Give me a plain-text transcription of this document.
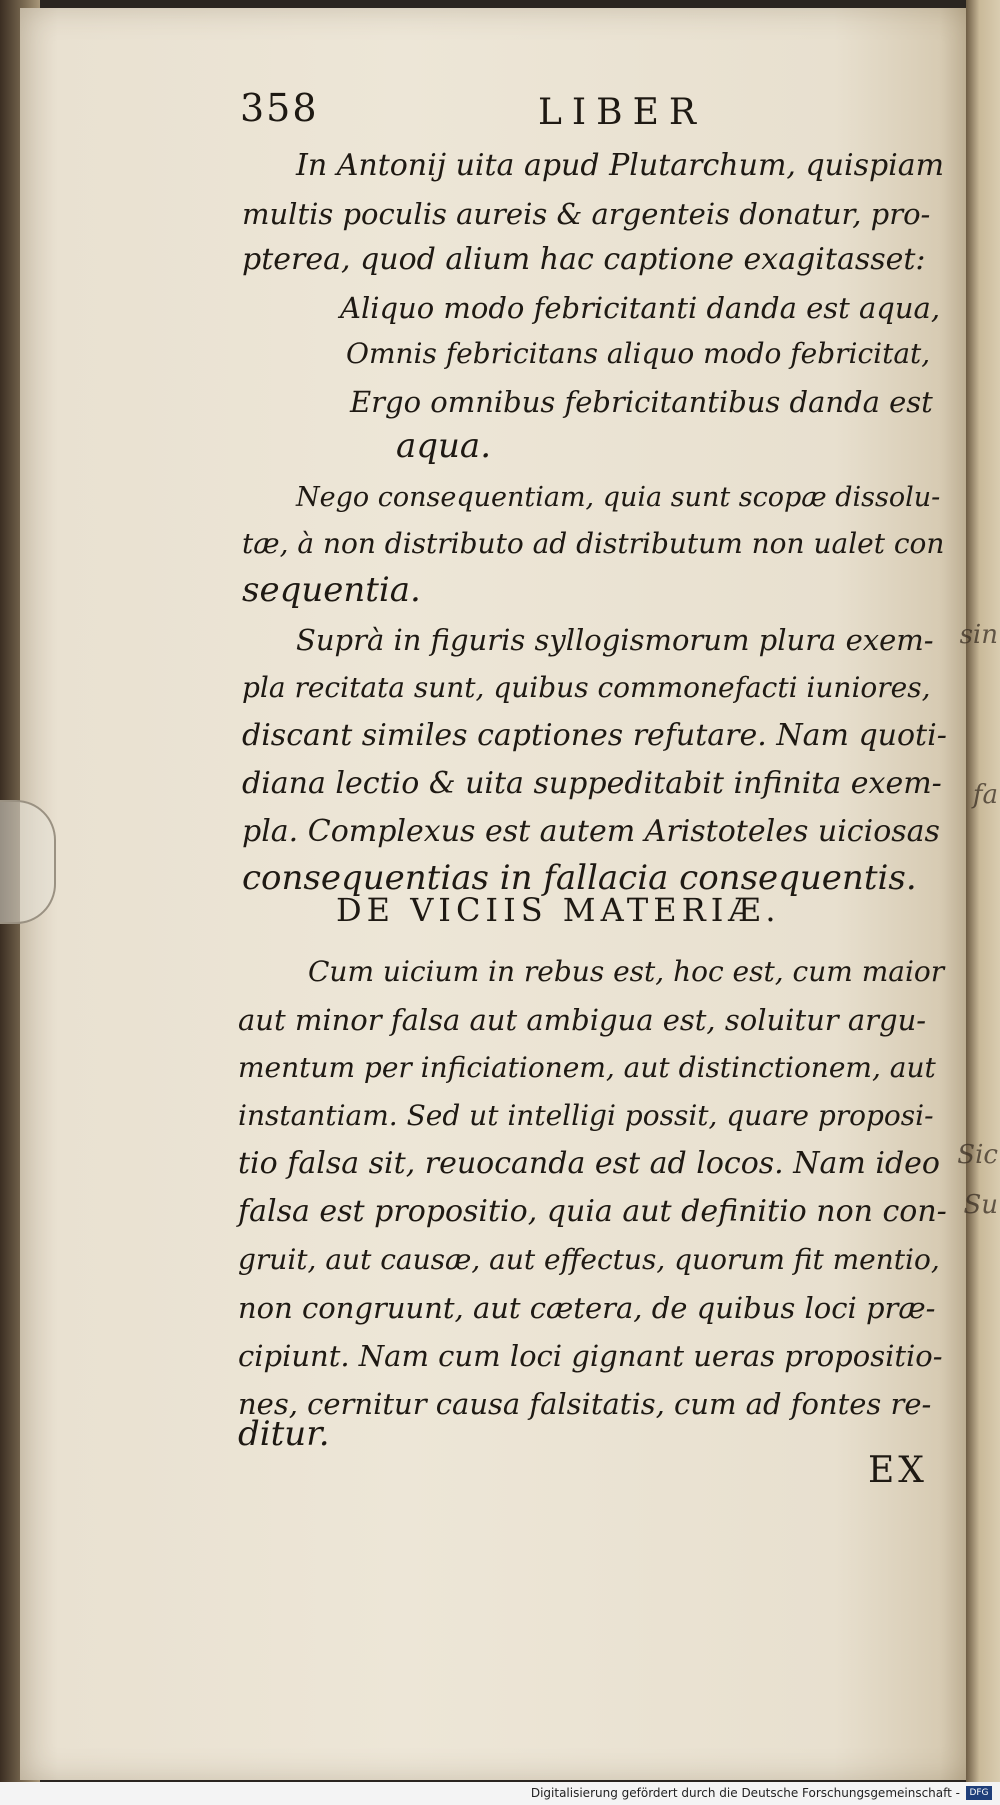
Sic
Su
sin
fa
358	LIBER
In Antonij uita apud Plutarchum, quispiam
multis poculis aureis & argenteis donatur, pro-
pterea, quod alium hac captione exagitasset:
Aliquo modo febricitanti danda est aqua,
Omnis febricitans aliquo modo febricitat,
Ergo omnibus febricitantibus danda est
aqua.
Nego consequentiam, quia sunt scopæ dissolu-
tæ, à non distributo ad distributum non ualet con
sequentia.
Suprà in figuris syllogismorum plura exem-
pla recitata sunt, quibus commonefacti iuniores,
discant similes captiones refutare. Nam quoti-
diana lectio & uita suppeditabit infinita exem-
pla. Complexus est autem Aristoteles uiciosas
consequentias in fallacia consequentis.
DE VICIIS MATERIÆ.
Cum uicium in rebus est, hoc est, cum maior
aut minor falsa aut ambigua est, soluitur argu-
mentum per inficiationem, aut distinctionem, aut
instantiam. Sed ut intelligi possit, quare proposi-
tio falsa sit, reuocanda est ad locos. Nam ideo
falsa est propositio, quia aut definitio non con-
gruit, aut causæ, aut effectus, quorum fit mentio,
non congruunt, aut cætera, de quibus loci præ-
cipiunt. Nam cum loci gignant ueras propositio-
nes, cernitur causa falsitatis, cum ad fontes re-
ditur.
EX
Digitalisierung gefördert durch die Deutsche Forschungsgemeinschaft -	DFG
